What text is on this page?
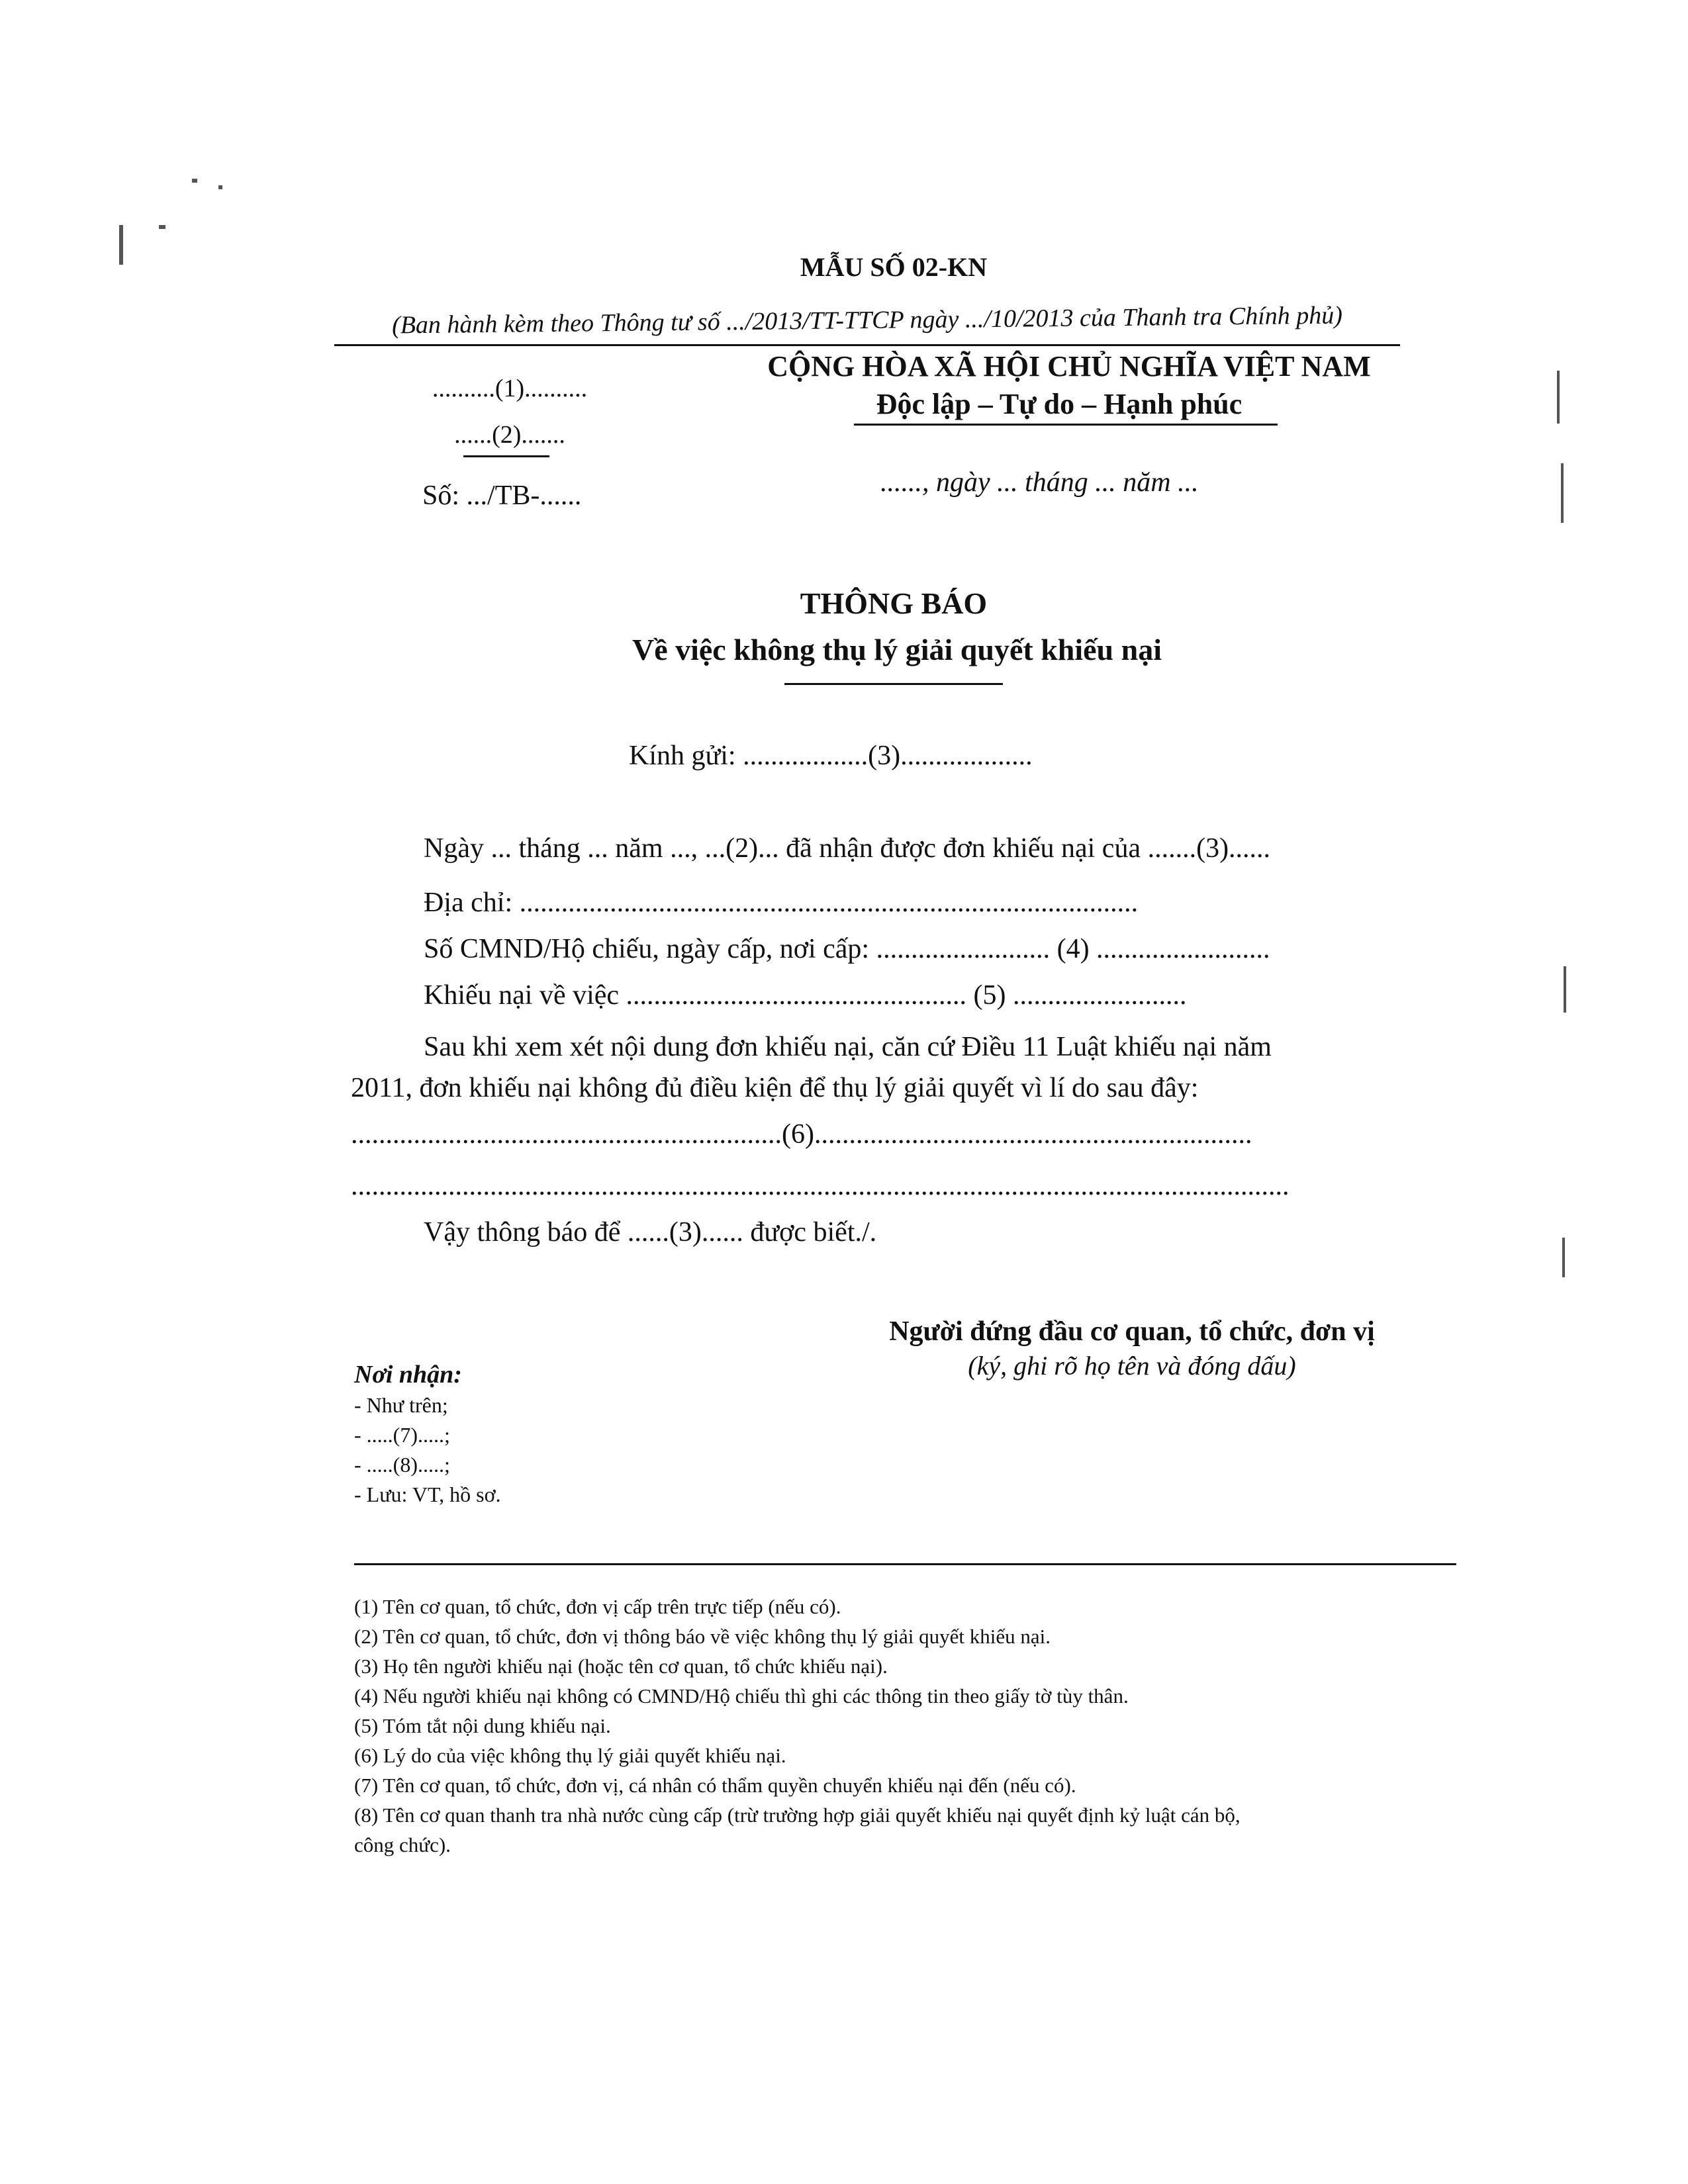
MẪU SỐ 02-KN
(Ban hành kèm theo Thông tư số .../2013/TT-TTCP ngày .../10/2013 của Thanh tra Chính phủ)
..........(1)..........
......(2).......
Số: .../TB-......
CỘNG HÒA XÃ HỘI CHỦ NGHĨA VIỆT NAM
Độc lập – Tự do – Hạnh phúc
......, ngày ... tháng ... năm ...
THÔNG BÁO
Về việc không thụ lý giải quyết khiếu nại
Kính gửi: ..................(3)...................
Ngày ... tháng ... năm ..., ...(2)... đã nhận được đơn khiếu nại của .......(3)......
Địa chỉ: .........................................................................................
Số CMND/Hộ chiếu, ngày cấp, nơi cấp: ......................... (4) .........................
Khiếu nại về việc ................................................. (5) .........................
Sau khi xem xét nội dung đơn khiếu nại, căn cứ Điều 11 Luật khiếu nại năm
2011, đơn khiếu nại không đủ điều kiện để thụ lý giải quyết vì lí do sau đây:
..............................................................(6)...............................................................
.......................................................................................................................................
Vậy thông báo để ......(3)...... được biết./.
Người đứng đầu cơ quan, tổ chức, đơn vị
(ký, ghi rõ họ tên và đóng dấu)
Nơi nhận:
- Như trên;
- .....(7).....;
- .....(8).....;
- Lưu: VT, hồ sơ.
(1) Tên cơ quan, tổ chức, đơn vị cấp trên trực tiếp (nếu có).
(2) Tên cơ quan, tổ chức, đơn vị thông báo về việc không thụ lý giải quyết khiếu nại.
(3) Họ tên người khiếu nại (hoặc tên cơ quan, tổ chức khiếu nại).
(4) Nếu người khiếu nại không có CMND/Hộ chiếu thì ghi các thông tin theo giấy tờ tùy thân.
(5) Tóm tắt nội dung khiếu nại.
(6) Lý do của việc không thụ lý giải quyết khiếu nại.
(7) Tên cơ quan, tổ chức, đơn vị, cá nhân có thẩm quyền chuyển khiếu nại đến (nếu có).
(8) Tên cơ quan thanh tra nhà nước cùng cấp (trừ trường hợp giải quyết khiếu nại quyết định kỷ luật cán bộ,
công chức).
